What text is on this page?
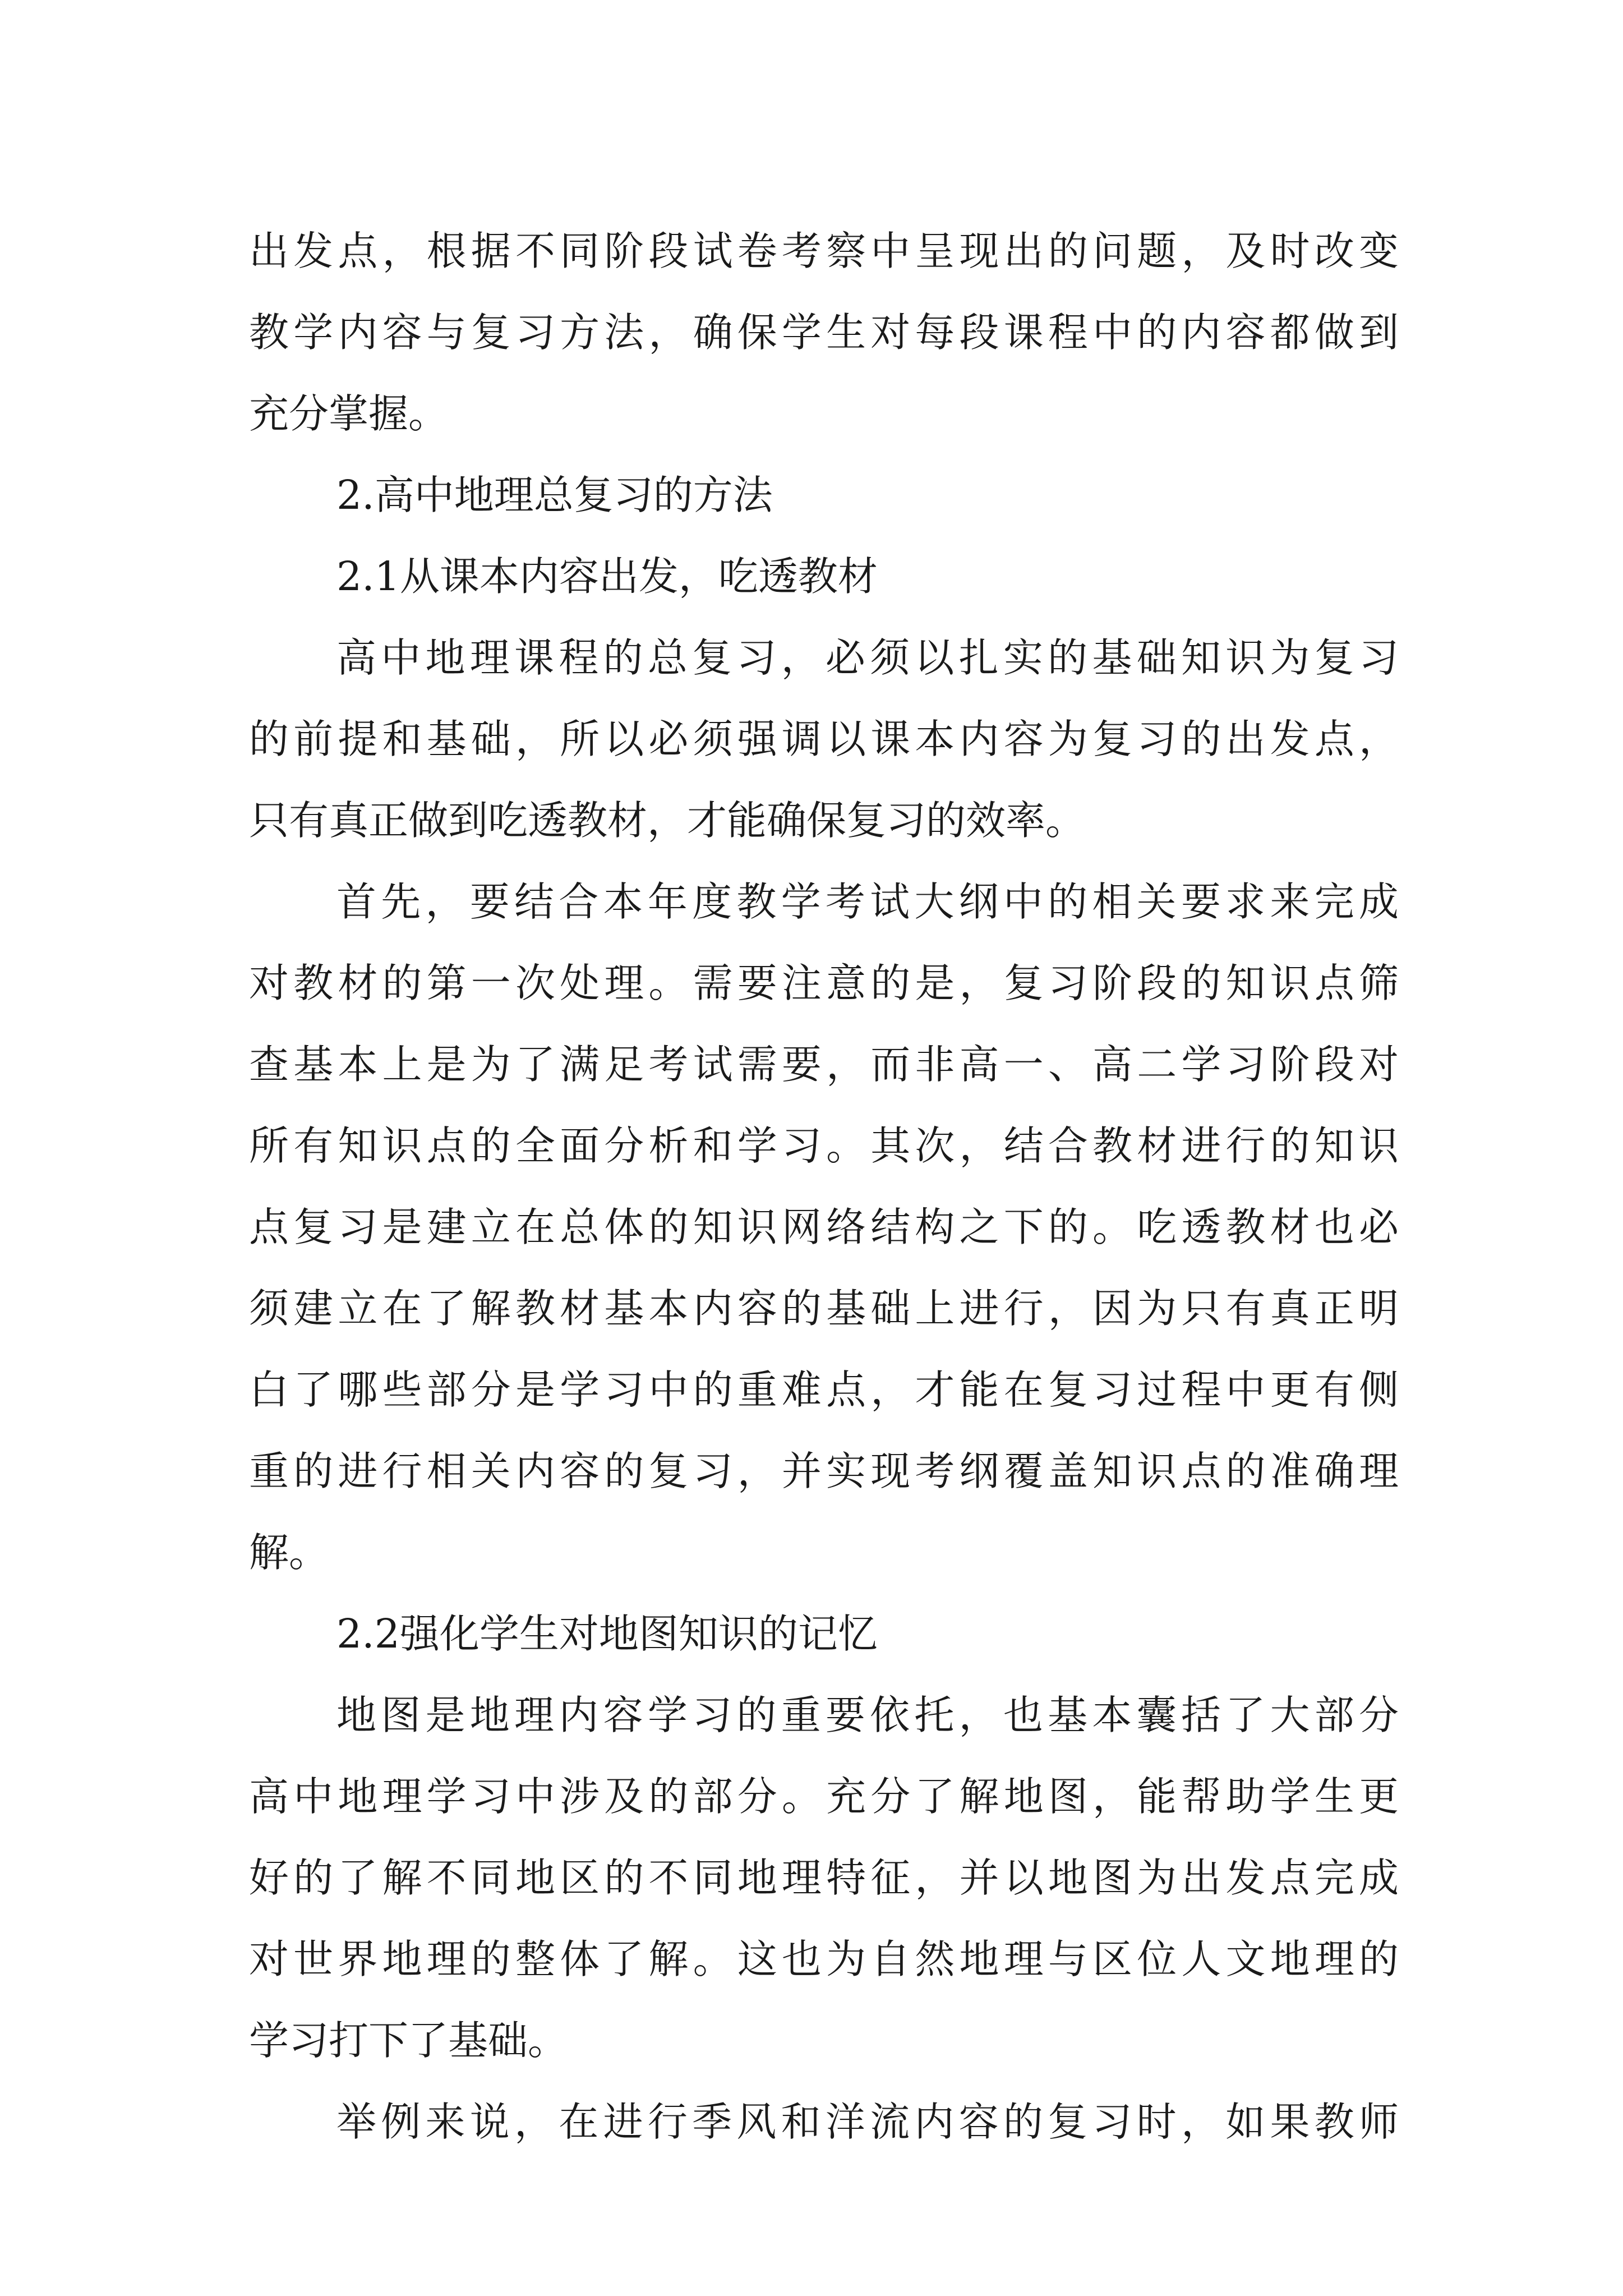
出发点，根据不同阶段试卷考察中呈现出的问题，及时改变
教学内容与复习方法，确保学生对每段课程中的内容都做到
充分掌握。
2.高中地理总复习的方法
2.1从课本内容出发，吃透教材
高中地理课程的总复习，必须以扎实的基础知识为复习
的前提和基础，所以必须强调以课本内容为复习的出发点，
只有真正做到吃透教材，才能确保复习的效率。
首先，要结合本年度教学考试大纲中的相关要求来完成
对教材的第一次处理。需要注意的是，复习阶段的知识点筛
查基本上是为了满足考试需要，而非高一、高二学习阶段对
所有知识点的全面分析和学习。其次，结合教材进行的知识
点复习是建立在总体的知识网络结构之下的。吃透教材也必
须建立在了解教材基本内容的基础上进行，因为只有真正明
白了哪些部分是学习中的重难点，才能在复习过程中更有侧
重的进行相关内容的复习，并实现考纲覆盖知识点的准确理
解。
2.2强化学生对地图知识的记忆
地图是地理内容学习的重要依托，也基本囊括了大部分
高中地理学习中涉及的部分。充分了解地图，能帮助学生更
好的了解不同地区的不同地理特征，并以地图为出发点完成
对世界地理的整体了解。这也为自然地理与区位人文地理的
学习打下了基础。
举例来说，在进行季风和洋流内容的复习时，如果教师
